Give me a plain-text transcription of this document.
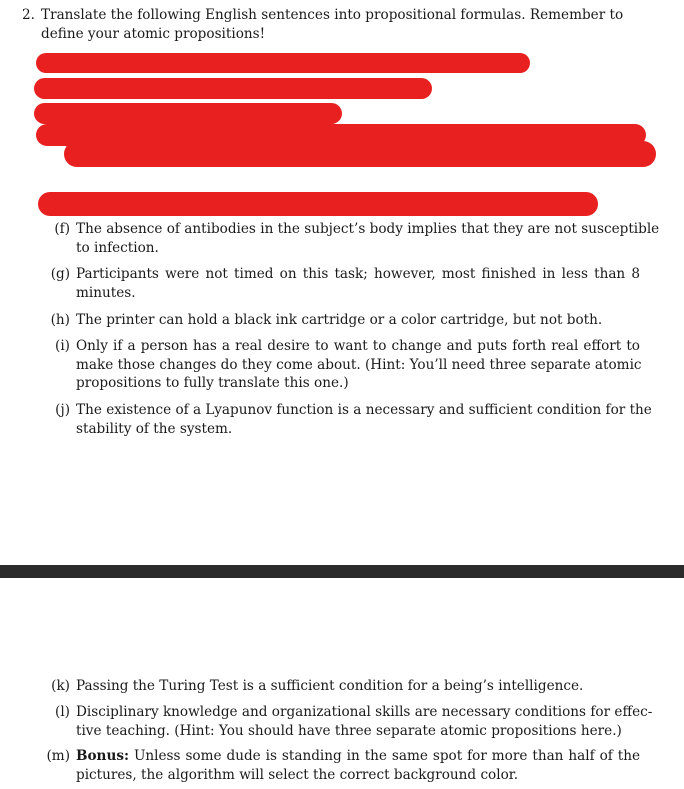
2. Translate the following English sentences into propositional formulas. Remember to
define your atomic propositions!
(f) The absence of antibodies in the subject’s body implies that they are not susceptible
to infection.
(g) Participants were not timed on this task; however, most finished in less than 8
minutes.
(h) The printer can hold a black ink cartridge or a color cartridge, but not both.
(i) Only if a person has a real desire to want to change and puts forth real effort to
make those changes do they come about. (Hint: You’ll need three separate atomic
propositions to fully translate this one.)
(j) The existence of a Lyapunov function is a necessary and sufficient condition for the
stability of the system.
(k) Passing the Turing Test is a sufficient condition for a being’s intelligence.
(l) Disciplinary knowledge and organizational skills are necessary conditions for effec-
tive teaching. (Hint: You should have three separate atomic propositions here.)
(m) Bonus: Unless some dude is standing in the same spot for more than half of the
pictures, the algorithm will select the correct background color.
